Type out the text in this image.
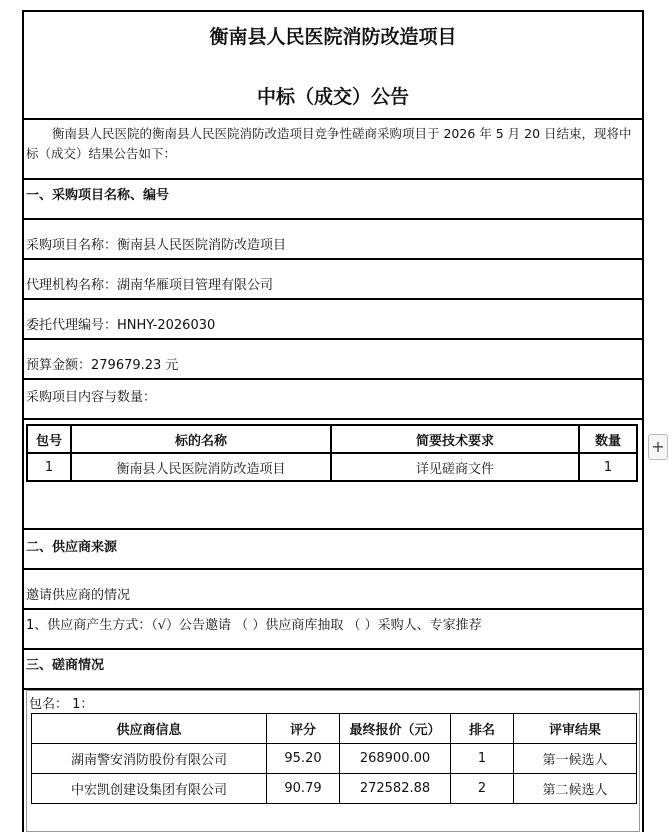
衡南县人民医院消防改造项目
中标（成交）公告
衡南县人民医院的衡南县人民医院消防改造项目竞争性磋商采购项目于 2026 年 5 月 20 日结束，现将中标（成交）结果公告如下：
一、采购项目名称、编号
采购项目名称：衡南县人民医院消防改造项目
代理机构名称：湖南华雁项目管理有限公司
委托代理编号：HNHY-2026030
预算金额：279679.23 元
采购项目内容与数量：
包号	标的名称	简要技术要求	数量
1	衡南县人民医院消防改造项目	详见磋商文件	1
二、供应商来源
邀请供应商的情况
1、供应商产生方式：（√）公告邀请 （ ）供应商库抽取 （ ）采购人、专家推荐
三、磋商情况
包名： 1：
供应商信息	评分	最终报价（元）	排名	评审结果
湖南警安消防股份有限公司	95.20	268900.00	1	第一候选人
中宏凯创建设集团有限公司	90.79	272582.88	2	第二候选人
+
